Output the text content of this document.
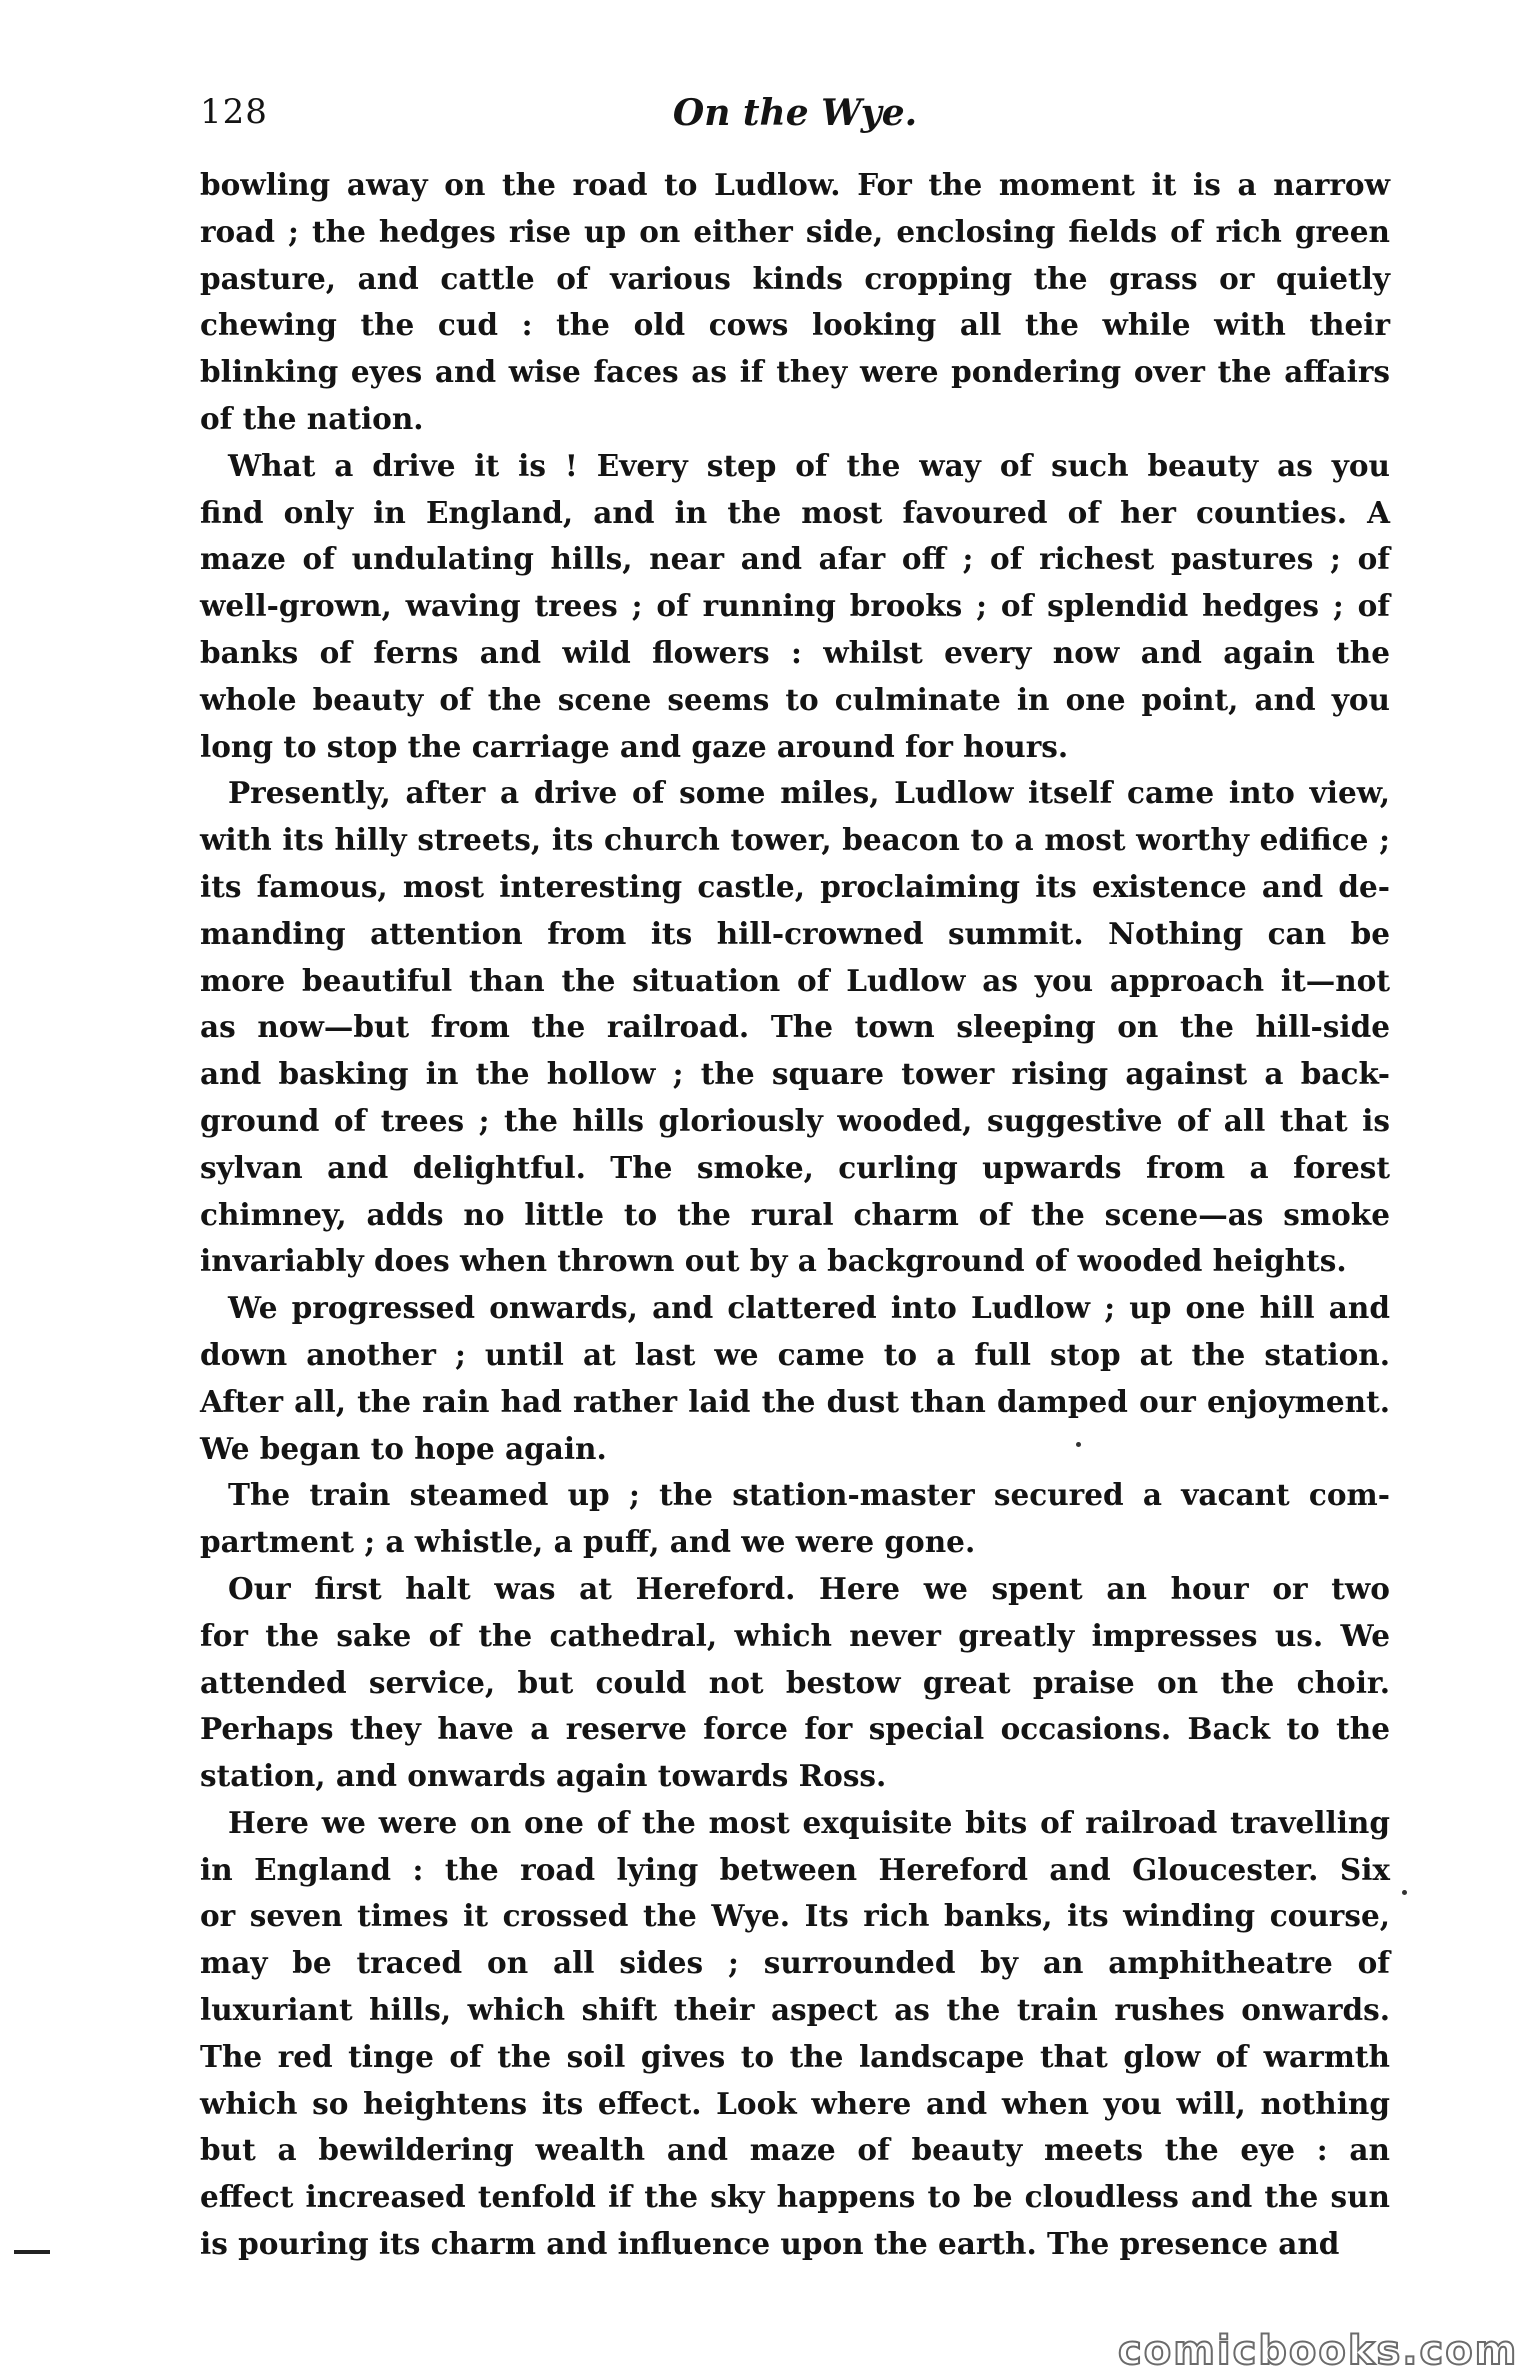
128	On the Wye.
bowling away on the road to Ludlow. For the moment it is a narrow
road ; the hedges rise up on either side, enclosing fields of rich green
pasture, and cattle of various kinds cropping the grass or quietly
chewing the cud : the old cows looking all the while with their
blinking eyes and wise faces as if they were pondering over the affairs
of the nation.
What a drive it is ! Every step of the way of such beauty as you
find only in England, and in the most favoured of her counties. A
maze of undulating hills, near and afar off ; of richest pastures ; of
well-grown, waving trees ; of running brooks ; of splendid hedges ; of
banks of ferns and wild flowers : whilst every now and again the
whole beauty of the scene seems to culminate in one point, and you
long to stop the carriage and gaze around for hours.
Presently, after a drive of some miles, Ludlow itself came into view,
with its hilly streets, its church tower, beacon to a most worthy edifice ;
its famous, most interesting castle, proclaiming its existence and de-
manding attention from its hill-crowned summit. Nothing can be
more beautiful than the situation of Ludlow as you approach it—not
as now—but from the railroad. The town sleeping on the hill-side
and basking in the hollow ; the square tower rising against a back-
ground of trees ; the hills gloriously wooded, suggestive of all that is
sylvan and delightful. The smoke, curling upwards from a forest
chimney, adds no little to the rural charm of the scene—as smoke
invariably does when thrown out by a background of wooded heights.
We progressed onwards, and clattered into Ludlow ; up one hill and
down another ; until at last we came to a full stop at the station.
After all, the rain had rather laid the dust than damped our enjoyment.
We began to hope again.
The train steamed up ; the station-master secured a vacant com-
partment ; a whistle, a puff, and we were gone.
Our first halt was at Hereford. Here we spent an hour or two
for the sake of the cathedral, which never greatly impresses us. We
attended service, but could not bestow great praise on the choir.
Perhaps they have a reserve force for special occasions. Back to the
station, and onwards again towards Ross.
Here we were on one of the most exquisite bits of railroad travelling
in England : the road lying between Hereford and Gloucester. Six
or seven times it crossed the Wye. Its rich banks, its winding course,
may be traced on all sides ; surrounded by an amphitheatre of
luxuriant hills, which shift their aspect as the train rushes onwards.
The red tinge of the soil gives to the landscape that glow of warmth
which so heightens its effect. Look where and when you will, nothing
but a bewildering wealth and maze of beauty meets the eye : an
effect increased tenfold if the sky happens to be cloudless and the sun
is pouring its charm and influence upon the earth. The presence and
comicbooks.com
